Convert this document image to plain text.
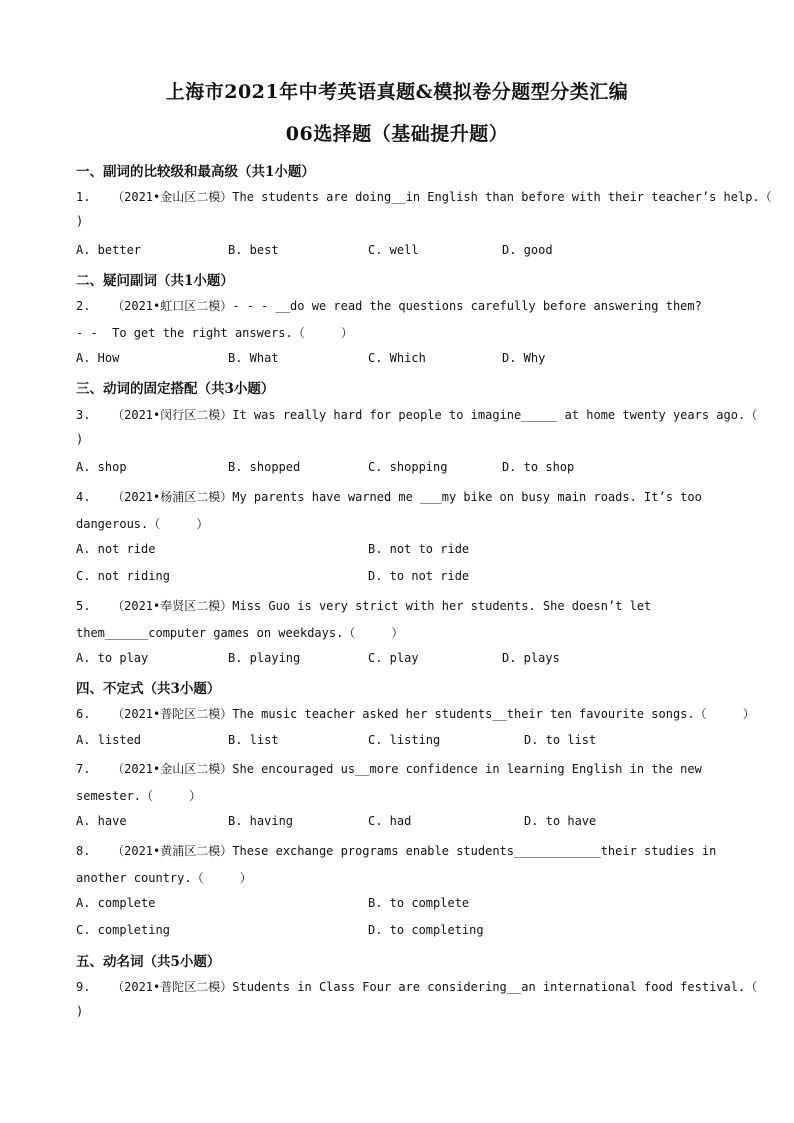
上海市2021年中考英语真题&模拟卷分题型分类汇编
06选择题（基础提升题）
一、副词的比较级和最高级（共1小题）
1.   （2021•金山区二模）The students are doing__in English than before with their teacher’s help.（
)
A. better	B. best	C. well	D. good
二、疑问副词（共1小题）
2.   （2021•虹口区二模）- - - __do we read the questions carefully before answering them?
- -  To get the right answers.（     ）
A. How	B. What	C. Which	D. Why
三、动词的固定搭配（共3小题）
3.   （2021•闵行区二模）It was really hard for people to imagine_____ at home twenty years ago.（
)
A. shop	B. shopped	C. shopping	D. to shop
4.   （2021•杨浦区二模）My parents have warned me ___my bike on busy main roads. It’s too
dangerous.（     ）
A. not ride	B. not to ride
C. not riding	D. to not ride
5.   （2021•奉贤区二模）Miss Guo is very strict with her students. She doesn’t let
them______computer games on weekdays.（     ）
A. to play	B. playing	C. play	D. plays
四、不定式（共3小题）
6.   （2021•普陀区二模）The music teacher asked her students__their ten favourite songs.（     ）
A. listed	B. list	C. listing	D. to list
7.   （2021•金山区二模）She encouraged us__more confidence in learning English in the new
semester.（     ）
A. have	B. having	C. had	D. to have
8.   （2021•黄浦区二模）These exchange programs enable students____________their studies in
another country.（     ）
A. complete	B. to complete
C. completing	D. to completing
五、动名词（共5小题）
9.   （2021•普陀区二模）Students in Class Four are considering__an international food festival.（
)
